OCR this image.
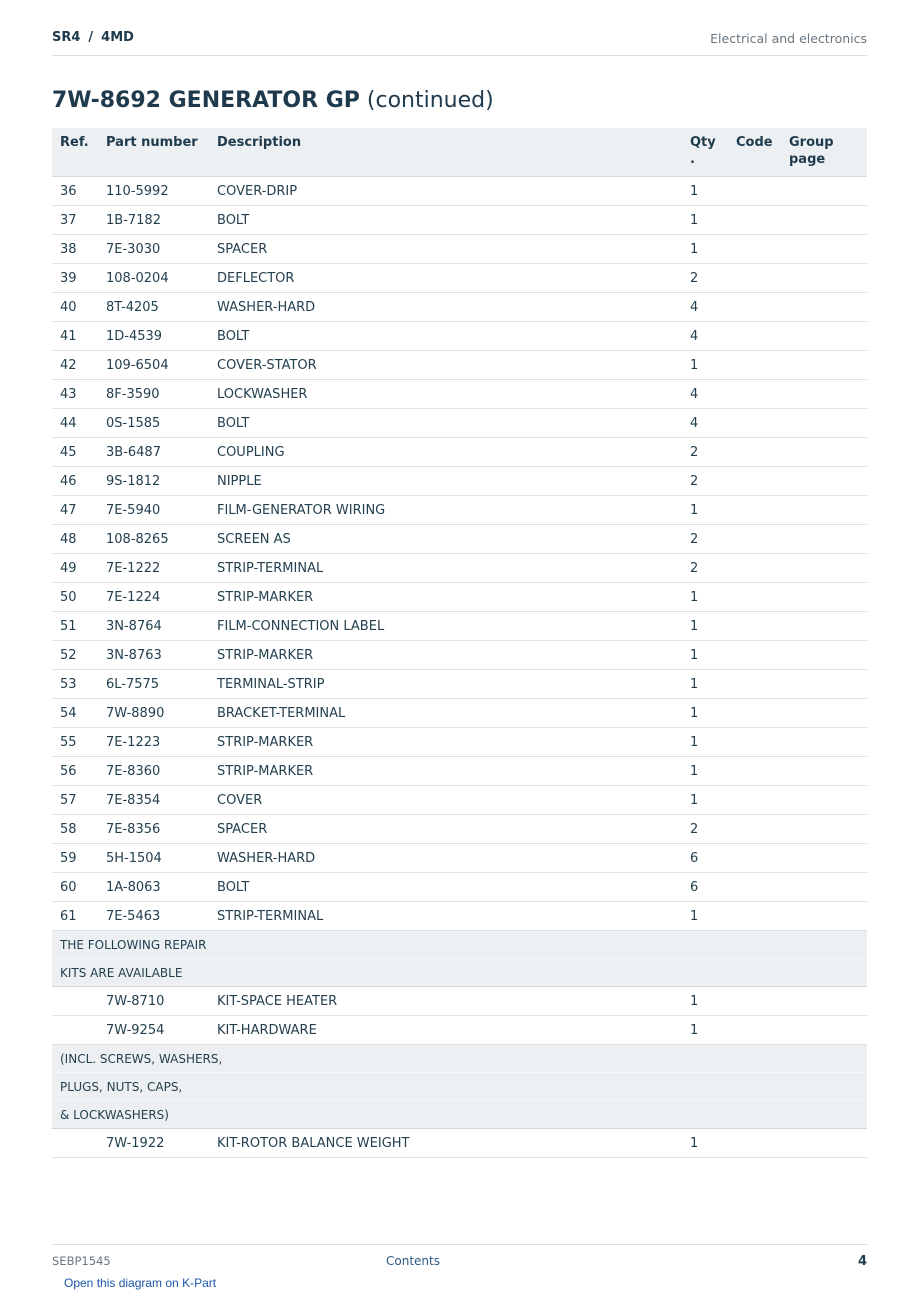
SR4 / 4MD	Electrical and electronics
7W-8692 GENERATOR GP (continued)
Ref.	Part number	Description	Qty .	Code	Group page
36	110-5992	COVER-DRIP	1		
37	1B-7182	BOLT	1		
38	7E-3030	SPACER	1		
39	108-0204	DEFLECTOR	2		
40	8T-4205	WASHER-HARD	4		
41	1D-4539	BOLT	4		
42	109-6504	COVER-STATOR	1		
43	8F-3590	LOCKWASHER	4		
44	0S-1585	BOLT	4		
45	3B-6487	COUPLING	2		
46	9S-1812	NIPPLE	2		
47	7E-5940	FILM-GENERATOR WIRING	1		
48	108-8265	SCREEN AS	2		
49	7E-1222	STRIP-TERMINAL	2		
50	7E-1224	STRIP-MARKER	1		
51	3N-8764	FILM-CONNECTION LABEL	1		
52	3N-8763	STRIP-MARKER	1		
53	6L-7575	TERMINAL-STRIP	1		
54	7W-8890	BRACKET-TERMINAL	1		
55	7E-1223	STRIP-MARKER	1		
56	7E-8360	STRIP-MARKER	1		
57	7E-8354	COVER	1		
58	7E-8356	SPACER	2		
59	5H-1504	WASHER-HARD	6		
60	1A-8063	BOLT	6		
61	7E-5463	STRIP-TERMINAL	1		
THE FOLLOWING REPAIR					
KITS ARE AVAILABLE					
	7W-8710	KIT-SPACE HEATER	1		
	7W-9254	KIT-HARDWARE	1		
(INCL. SCREWS, WASHERS,					
PLUGS, NUTS, CAPS,					
& LOCKWASHERS)					
	7W-1922	KIT-ROTOR BALANCE WEIGHT	1		
SEBP1545	Contents	4
Open this diagram on K-Part
